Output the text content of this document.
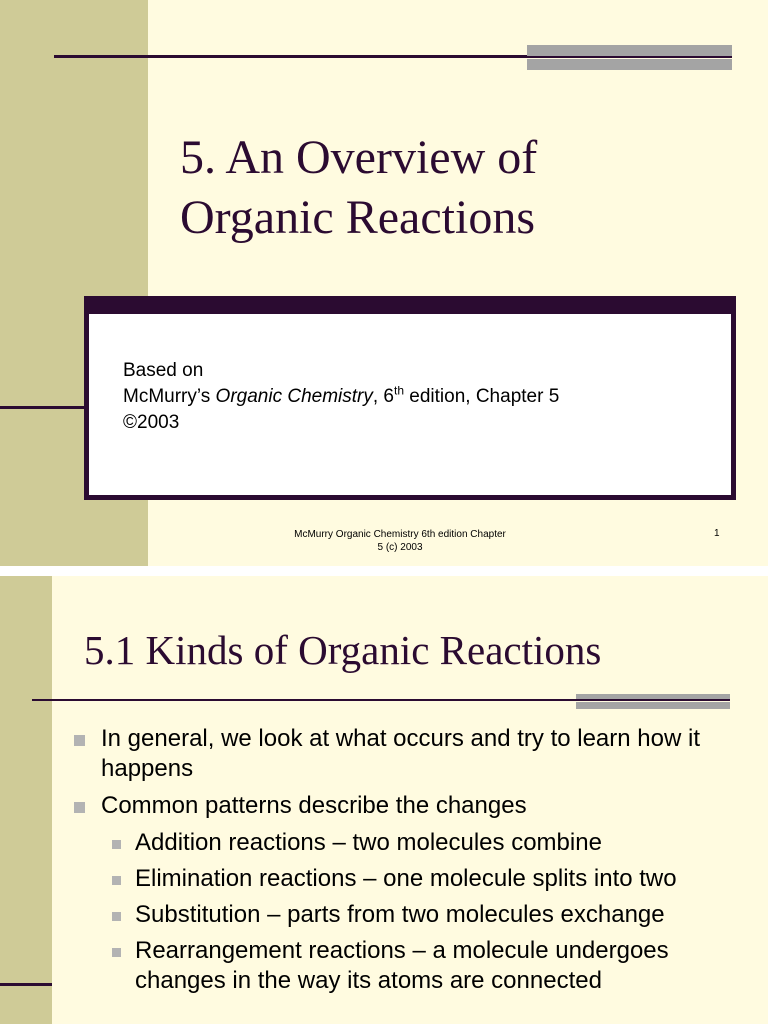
5. An Overview of
Organic Reactions
Based on
McMurry’s Organic Chemistry, 6th edition, Chapter 5
©2003
McMurry Organic Chemistry 6th edition Chapter
5 (c) 2003
1
5.1 Kinds of Organic Reactions
In general, we look at what occurs and try to learn how it happens
Common patterns describe the changes
Addition reactions – two molecules combine
Elimination reactions – one molecule splits into two
Substitution – parts from two molecules exchange
Rearrangement reactions – a molecule undergoes changes in the way its atoms are connected
